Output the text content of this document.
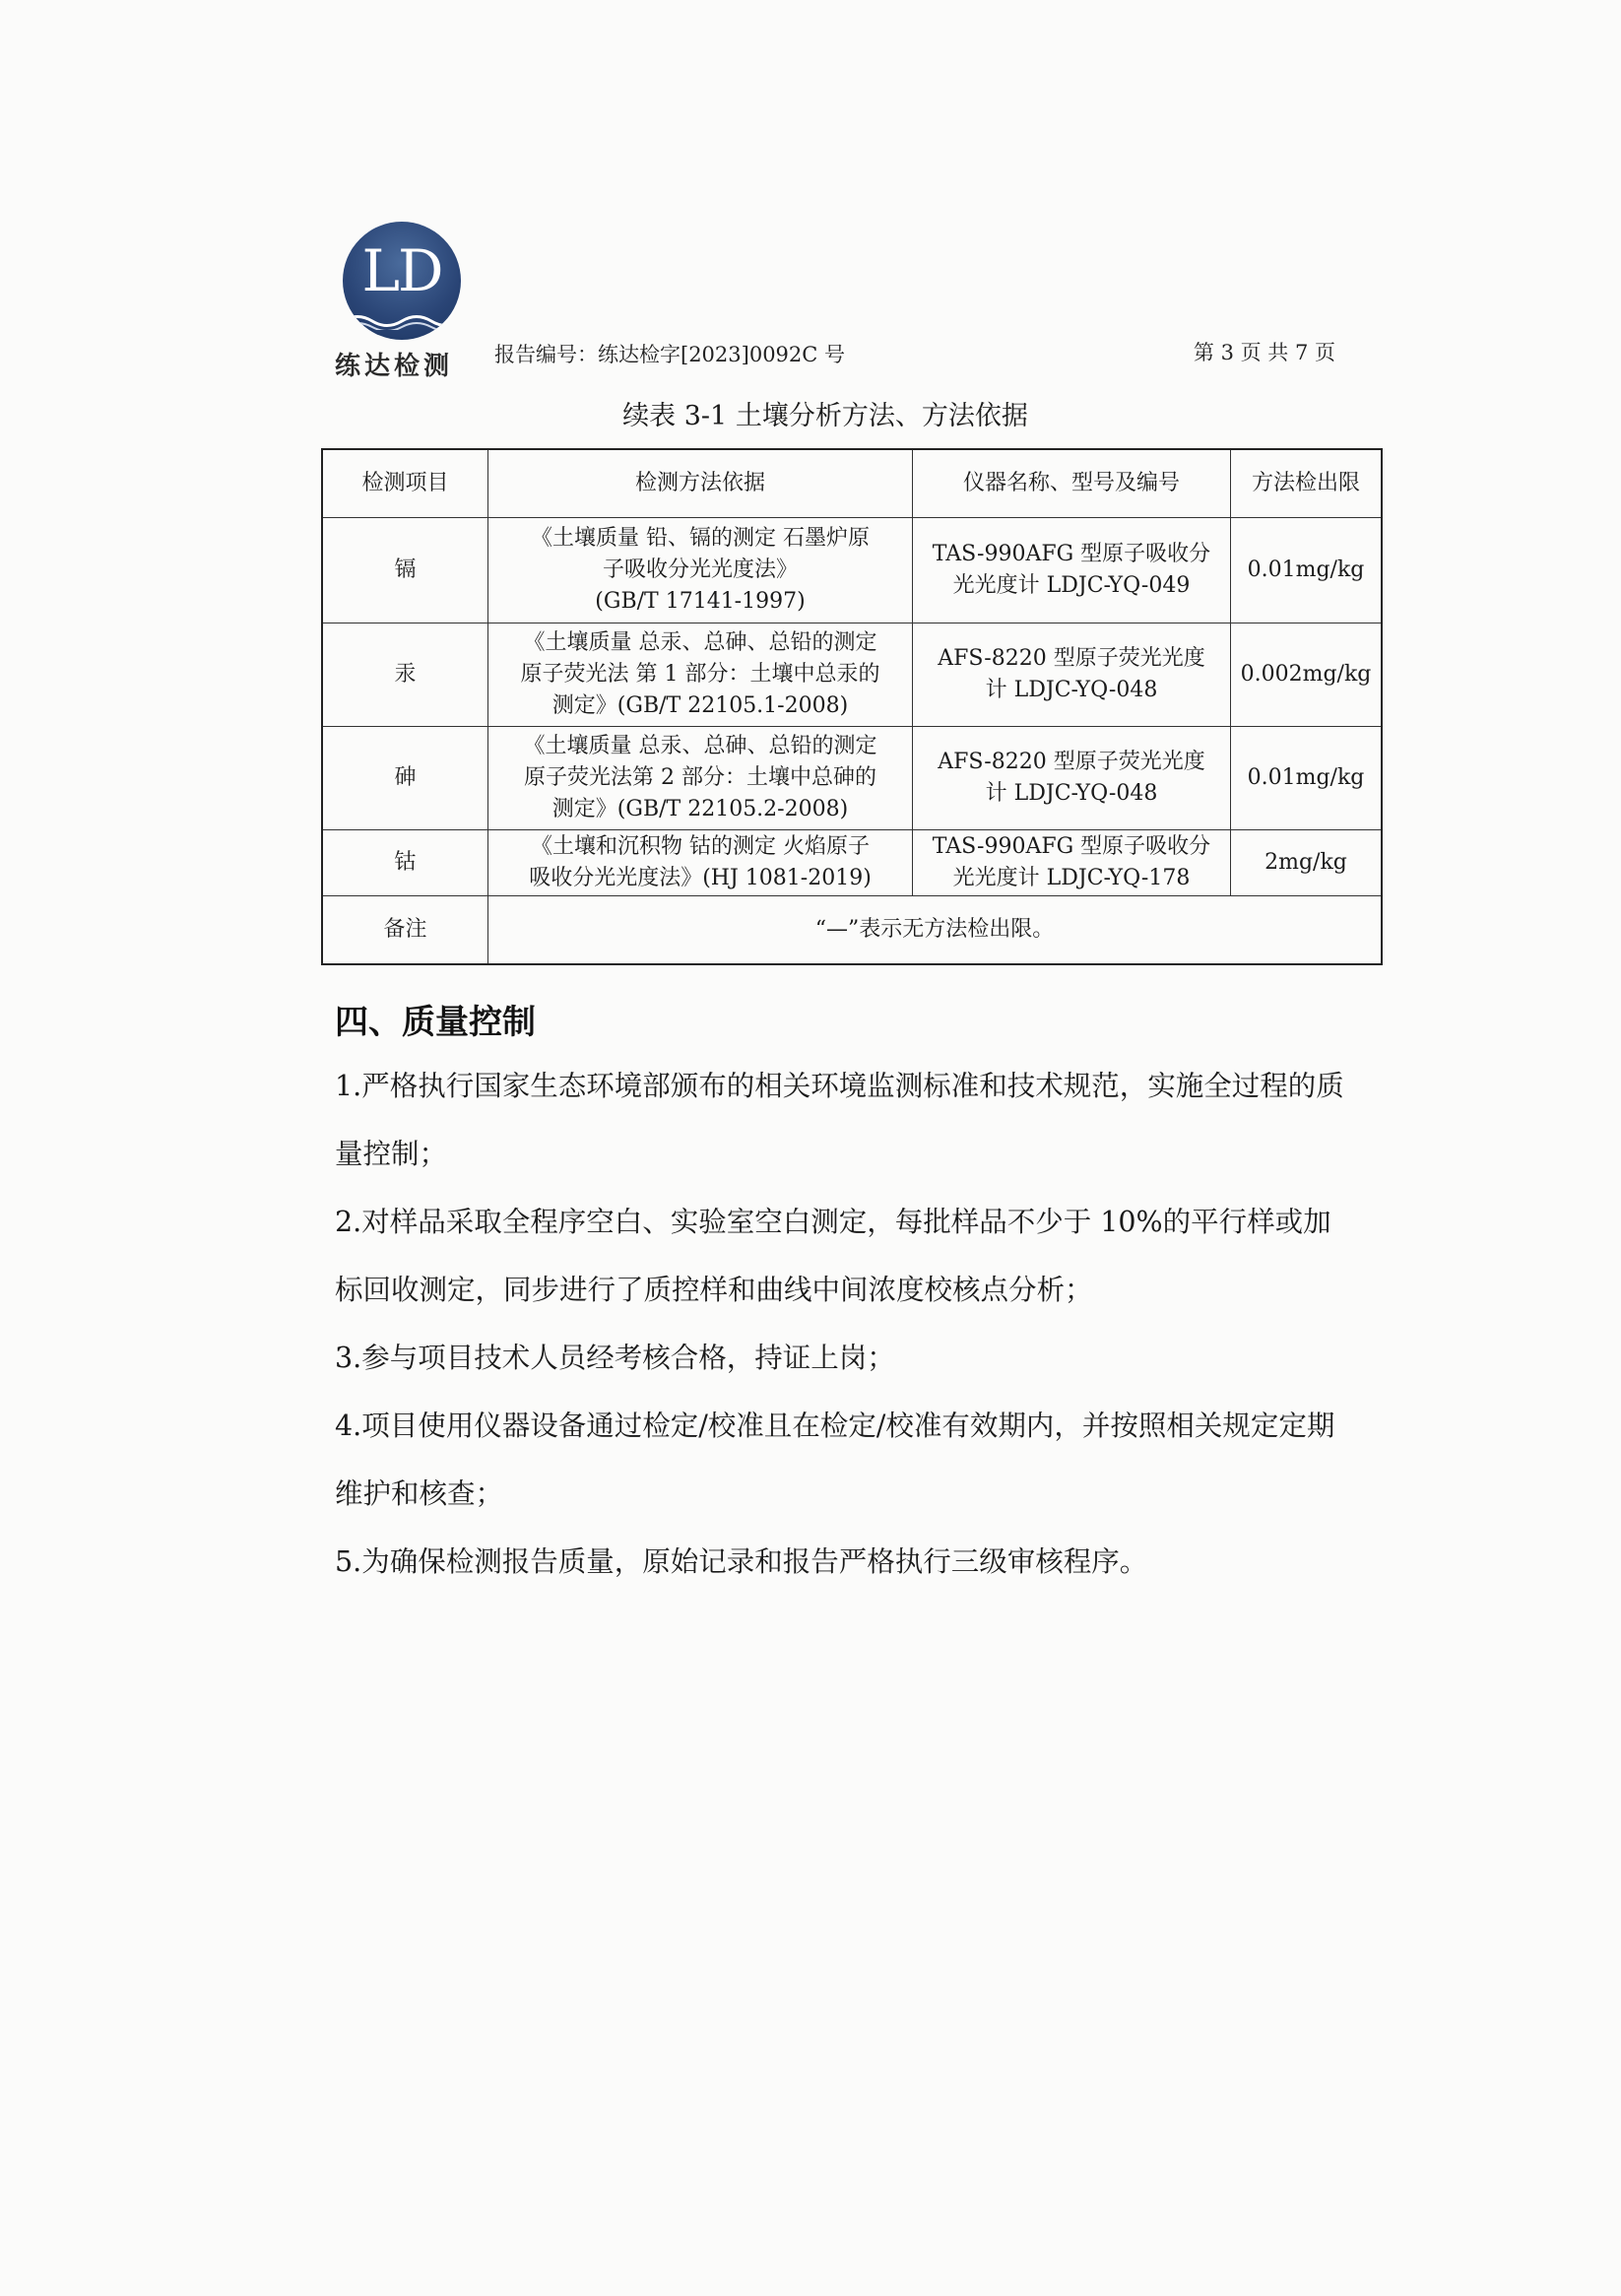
LD
练达检测	报告编号：练达检字[2023]0092C 号	第 3 页 共 7 页
续表 3-1 土壤分析方法、方法依据
检测项目	检测方法依据	仪器名称、型号及编号	方法检出限
镉	《土壤质量 铅、镉的测定 石墨炉原
子吸收分光光度法》
(GB/T 17141-1997)	TAS-990AFG 型原子吸收分
光光度计 LDJC-YQ-049	0.01mg/kg
汞	《土壤质量 总汞、总砷、总铅的测定
原子荧光法 第 1 部分：土壤中总汞的
测定》(GB/T 22105.1-2008)	AFS-8220 型原子荧光光度
计 LDJC-YQ-048	0.002mg/kg
砷	《土壤质量 总汞、总砷、总铅的测定
原子荧光法第 2 部分：土壤中总砷的
测定》(GB/T 22105.2-2008)	AFS-8220 型原子荧光光度
计 LDJC-YQ-048	0.01mg/kg
钴	《土壤和沉积物 钴的测定 火焰原子
吸收分光光度法》(HJ 1081-2019)	TAS-990AFG 型原子吸收分
光光度计 LDJC-YQ-178	2mg/kg
备注	“—”表示无方法检出限。		
四、质量控制

1.严格执行国家生态环境部颁布的相关环境监测标准和技术规范，实施全过程的质量控制；

2.对样品采取全程序空白、实验室空白测定，每批样品不少于 10%的平行样或加标回收测定，同步进行了质控样和曲线中间浓度校核点分析；

3.参与项目技术人员经考核合格，持证上岗；

4.项目使用仪器设备通过检定/校准且在检定/校准有效期内，并按照相关规定定期维护和核查；

5.为确保检测报告质量，原始记录和报告严格执行三级审核程序。
